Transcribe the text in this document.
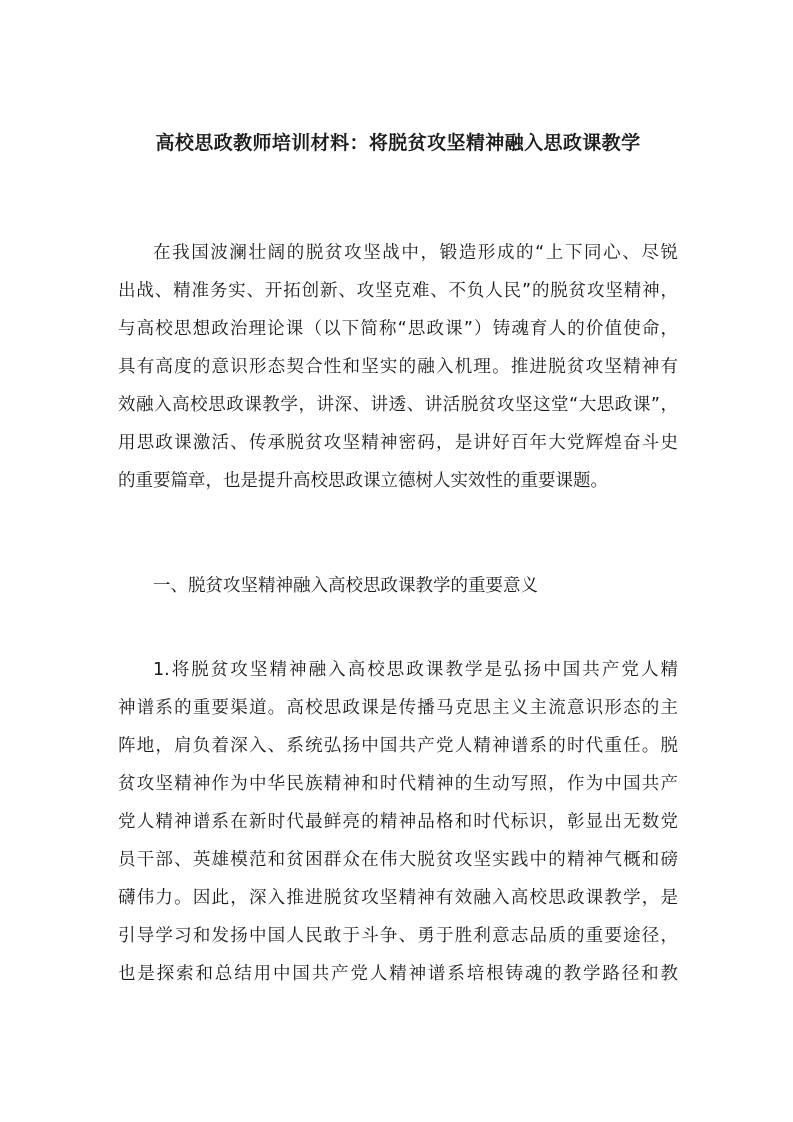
高校思政教师培训材料：将脱贫攻坚精神融入思政课教学
在我国波澜壮阔的脱贫攻坚战中，锻造形成的“上下同心、尽锐
出战、精准务实、开拓创新、攻坚克难、不负人民”的脱贫攻坚精神，
与高校思想政治理论课（以下简称“思政课”）铸魂育人的价值使命，
具有高度的意识形态契合性和坚实的融入机理。推进脱贫攻坚精神有
效融入高校思政课教学，讲深、讲透、讲活脱贫攻坚这堂“大思政课”，
用思政课激活、传承脱贫攻坚精神密码，是讲好百年大党辉煌奋斗史
的重要篇章，也是提升高校思政课立德树人实效性的重要课题。
一、脱贫攻坚精神融入高校思政课教学的重要意义
1.将脱贫攻坚精神融入高校思政课教学是弘扬中国共产党人精
神谱系的重要渠道。高校思政课是传播马克思主义主流意识形态的主
阵地，肩负着深入、系统弘扬中国共产党人精神谱系的时代重任。脱
贫攻坚精神作为中华民族精神和时代精神的生动写照，作为中国共产
党人精神谱系在新时代最鲜亮的精神品格和时代标识，彰显出无数党
员干部、英雄模范和贫困群众在伟大脱贫攻坚实践中的精神气概和磅
礴伟力。因此，深入推进脱贫攻坚精神有效融入高校思政课教学，是
引导学习和发扬中国人民敢于斗争、勇于胜利意志品质的重要途径，
也是探索和总结用中国共产党人精神谱系培根铸魂的教学路径和教
